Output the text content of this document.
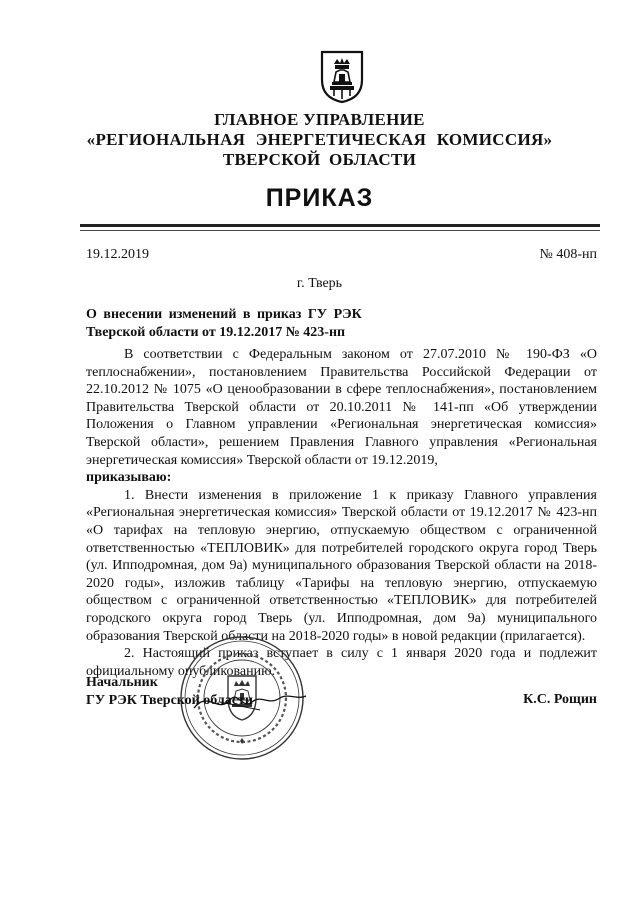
ГЛАВНОЕ УПРАВЛЕНИЕ
«РЕГИОНАЛЬНАЯ ЭНЕРГЕТИЧЕСКАЯ КОМИССИЯ»
ТВЕРСКОЙ ОБЛАСТИ
ПРИКАЗ
19.12.2019	№ 408-нп
г. Тверь
О внесении изменений в приказ ГУ РЭК
Тверской области от 19.12.2017 № 423-нп

В соответствии с Федеральным законом от 27.07.2010 № 190-ФЗ «О теплоснабжении», постановлением Правительства Российской Федерации от 22.10.2012 № 1075 «О ценообразовании в сфере теплоснабжения», постановлением Правительства Тверской области от 20.10.2011 № 141-пп «Об утверждении Положения о Главном управлении «Региональная энергетическая комиссия» Тверской области», решением Правления Главного управления «Региональная энергетическая комиссия» Тверской области от 19.12.2019,

приказываю:

1. Внести изменения в приложение 1 к приказу Главного управления «Региональная энергетическая комиссия» Тверской области от 19.12.2017 № 423-нп «О тарифах на тепловую энергию, отпускаемую обществом с ограниченной ответственностью «ТЕПЛОВИК» для потребителей городского округа город Тверь (ул. Ипподромная, дом 9а) муниципального образования Тверской области на 2018-2020 годы», изложив таблицу «Тарифы на тепловую энергию, отпускаемую обществом с ограниченной ответственностью «ТЕПЛОВИК» для потребителей городского округа город Тверь (ул. Ипподромная, дом 9а) муниципального образования Тверской области на 2018-2020 годы» в новой редакции (прилагается).

2. Настоящий приказ вступает в силу с 1 января 2020 года и подлежит официальному опубликованию.

Начальник
ГУ РЭК Тверской области	К.С. Рощин
